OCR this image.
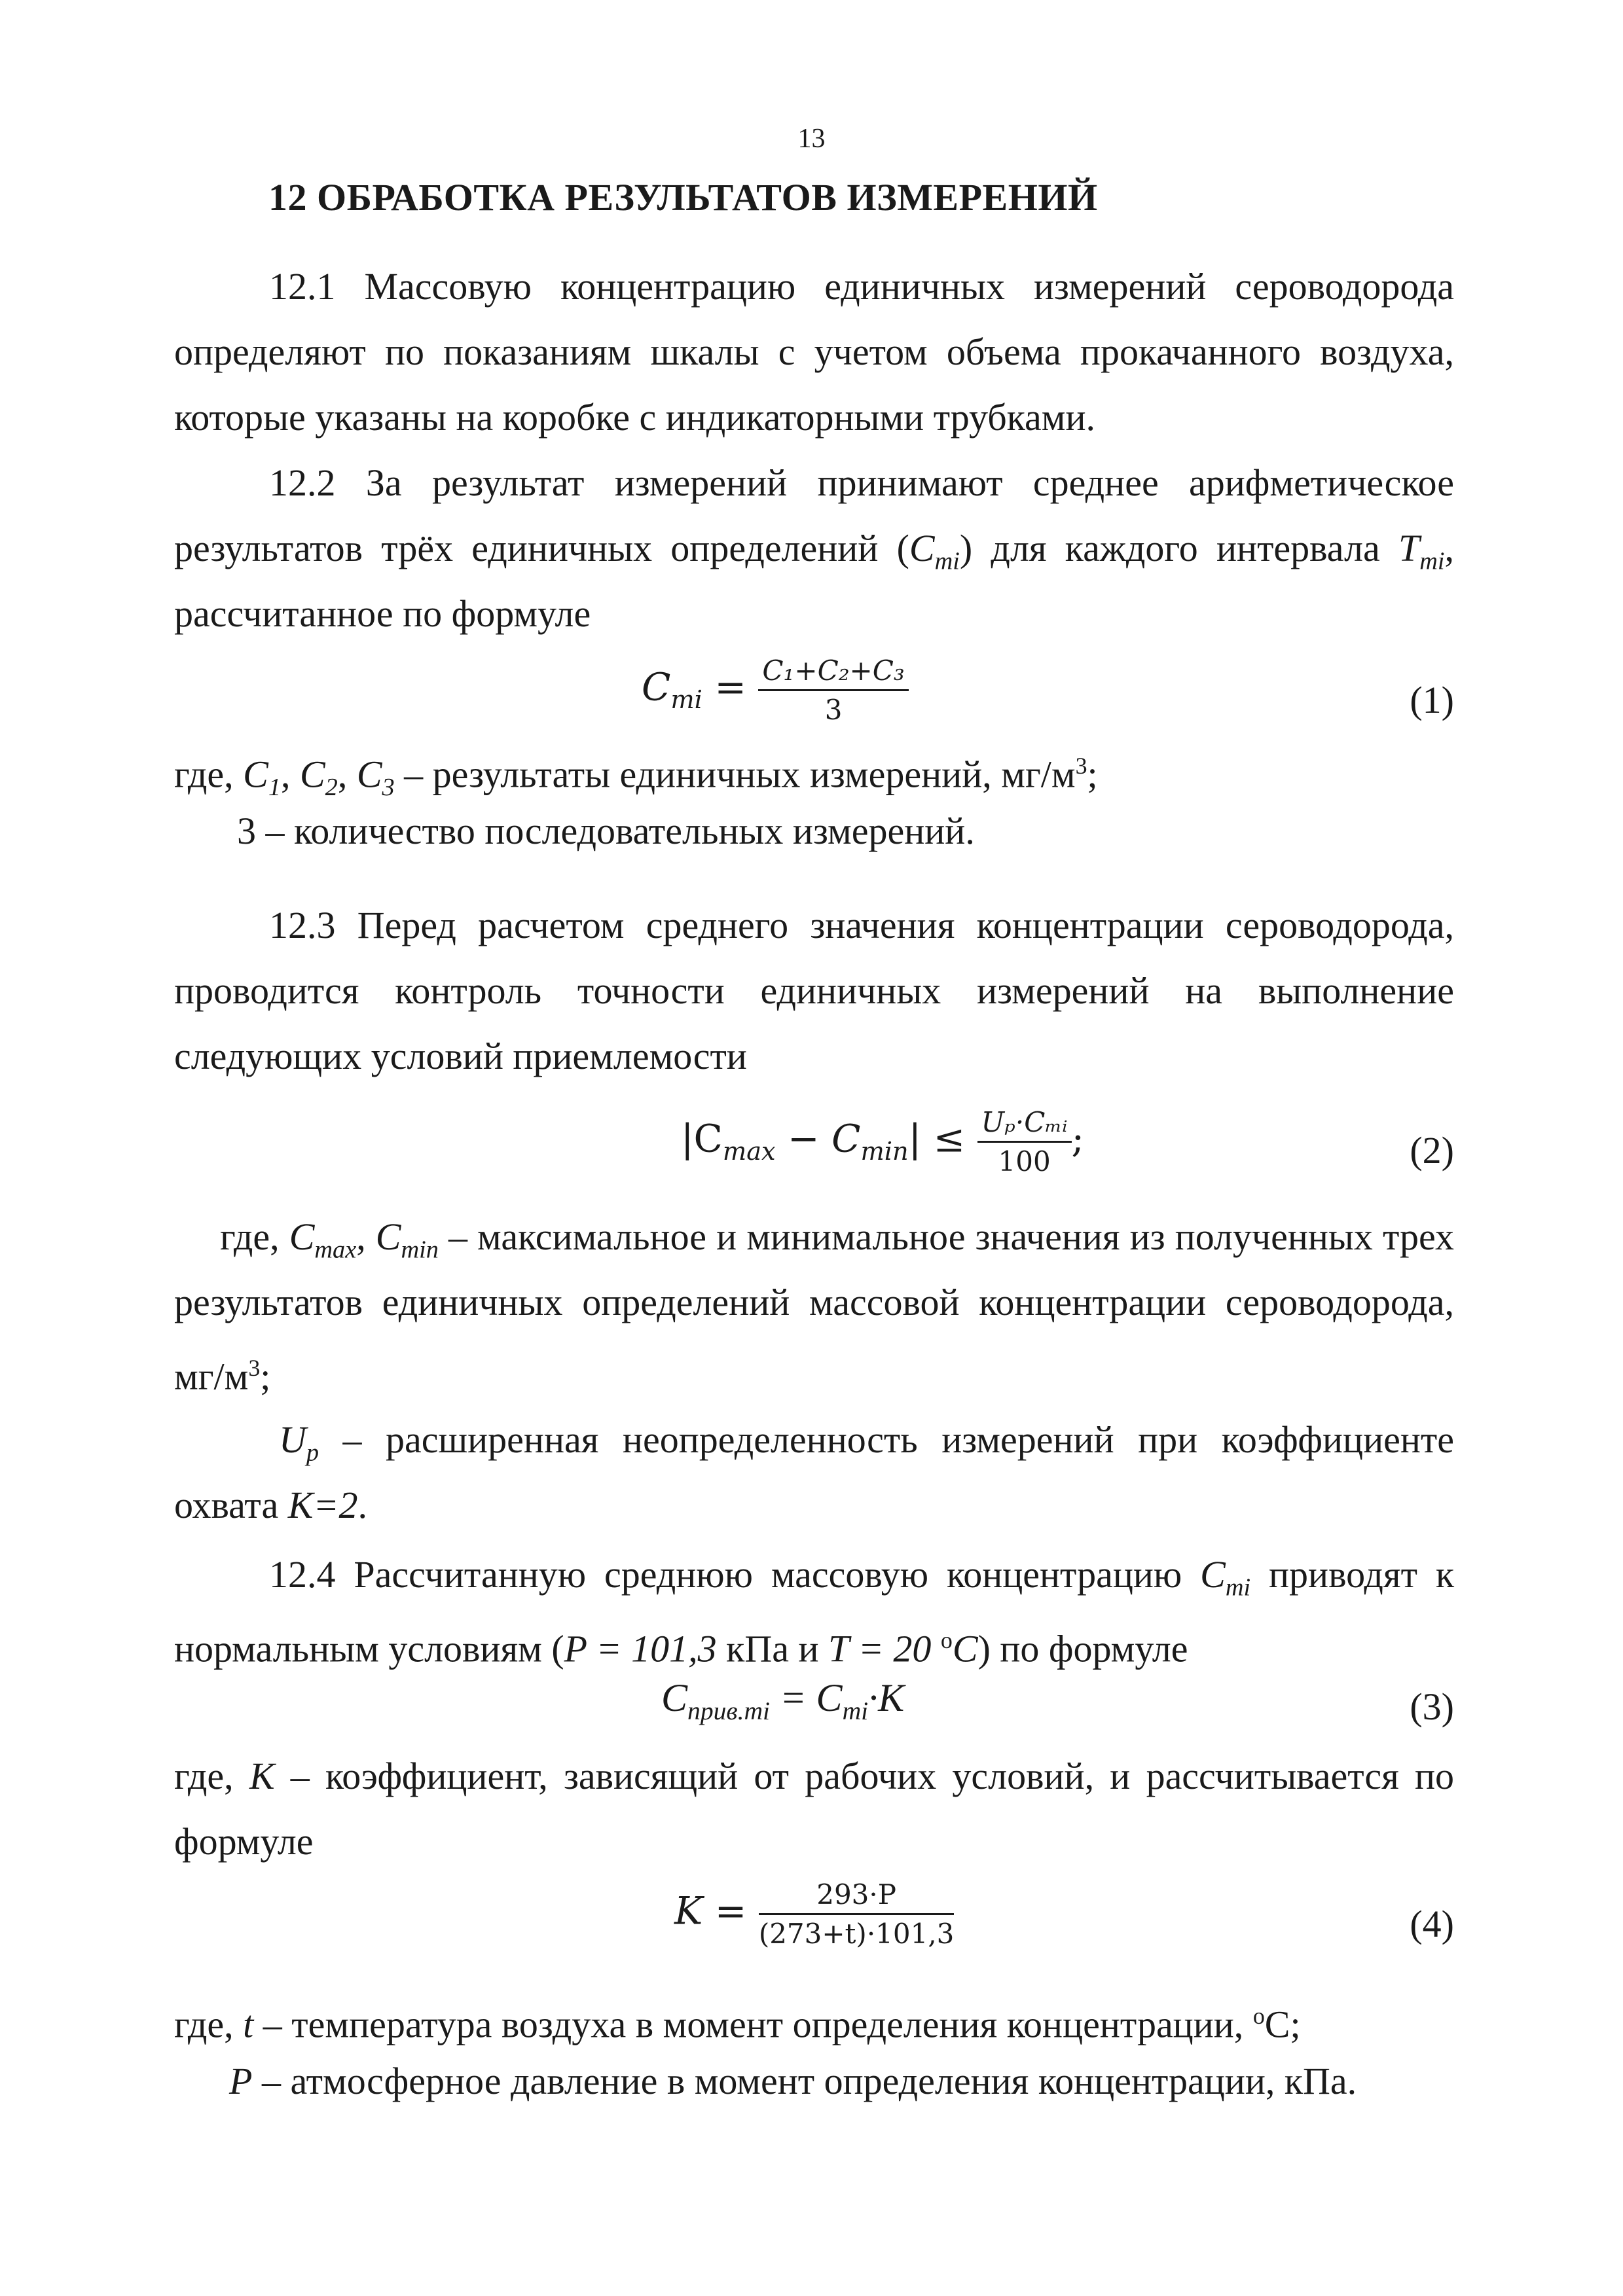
13
12 ОБРАБОТКА РЕЗУЛЬТАТОВ ИЗМЕРЕНИЙ

12.1 Массовую концентрацию единичных измерений сероводорода

определяют по показаниям шкалы с учетом объема прокачанного воздуха,

которые указаны на коробке с индикаторными трубками.

12.2 За результат измерений принимают среднее арифметическое

результатов трёх единичных определений $(C_{mi})$ для каждого интервала $T_{mi}$,

рассчитанное по формуле

$C_{mi} = \frac{\text{C₁+C₂+C₃}}{3}$	(1)
где, $C_1$, $C_2$, $C_3$ – результаты единичных измерений, $мг/м^3$;
3 – количество последовательных измерений.

12.3 Перед расчетом среднего значения концентрации сероводорода,

проводится контроль точности единичных измерений на выполнение

следующих условий приемлемости

$|C_{max} - C_{min}| \le \frac{\text{Uₚ·Cₘᵢ}}{100}$ ;	(2)

где, $C_{max}$, $C_{min}$ – максимальное и минимальное значения из полученных трех

результатов единичных определений массовой концентрации сероводорода,

$мг/м^3$;

$U_p$ – расширенная неопределенность измерений при коэффициенте

охвата K=2.

12.4 Рассчитанную среднюю массовую концентрацию $C_{mi}$ приводят к

нормальным условиям (P = 101,3 кПа и T = 20 $^о$C) по формуле

$C_{прив.mi} = C_{mi}\cdot K$	(3)

где, K – коэффициент, зависящий от рабочих условий, и рассчитывается по

формуле

$K = \frac{293\cdot P}{(273+t)\cdot 101,3}$	(4)
где, t – температура воздуха в момент определения концентрации, $^о$С;
P – атмосферное давление в момент определения концентрации, кПа.
